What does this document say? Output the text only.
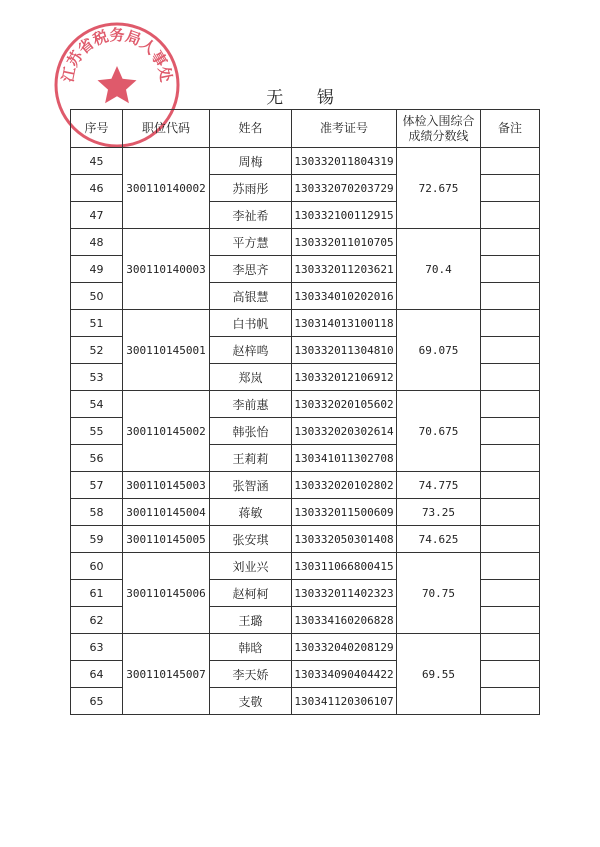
江苏省税务局人事处
无 锡
序号	职位代码	姓名	准考证号	体检入围综合成绩分数线	备注
45	300110140002	周梅	130332011804319	72.675	
46		苏雨彤	130332070203729		
47		李祉希	130332100112915		
48	300110140003	平方慧	130332011010705	70.4	
49		李思齐	130332011203621		
50		高银慧	130334010202016		
51	300110145001	白书帆	130314013100118	69.075	
52		赵梓鸣	130332011304810		
53		郑岚	130332012106912		
54	300110145002	李前惠	130332020105602	70.675	
55		韩张怡	130332020302614		
56		王莉莉	130341011302708		
57	300110145003	张智涵	130332020102802	74.775	
58	300110145004	蒋敏	130332011500609	73.25	
59	300110145005	张安琪	130332050301408	74.625	
60	300110145006	刘业兴	130311066800415	70.75	
61		赵柯柯	130332011402323		
62		王璐	130334160206828		
63	300110145007	韩晗	130332040208129	69.55	
64		李天娇	130334090404422		
65		支敬	130341120306107		
